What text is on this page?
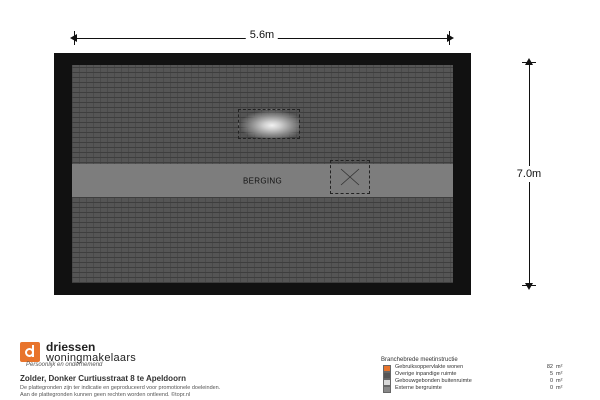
5.6m
7.0m
BERGING
driessen
woningmakelaars
Persoonlijk en ondernemend
Zolder, Donker Curtiusstraat 8 te Apeldoorn
De plattegronden zijn ter indicatie en geproduceerd voor promotionele doeleinden.
Aan de plattegronden kunnen geen rechten worden ontleend. ©topr.nl
Branchebrede meetinstructie
Gebruiksoppervlakte wonen	82 m²
Overige inpandige ruimte	5 m²
Gebouwgebonden buitenruimte	0 m²
Externe bergruimte	0 m²
